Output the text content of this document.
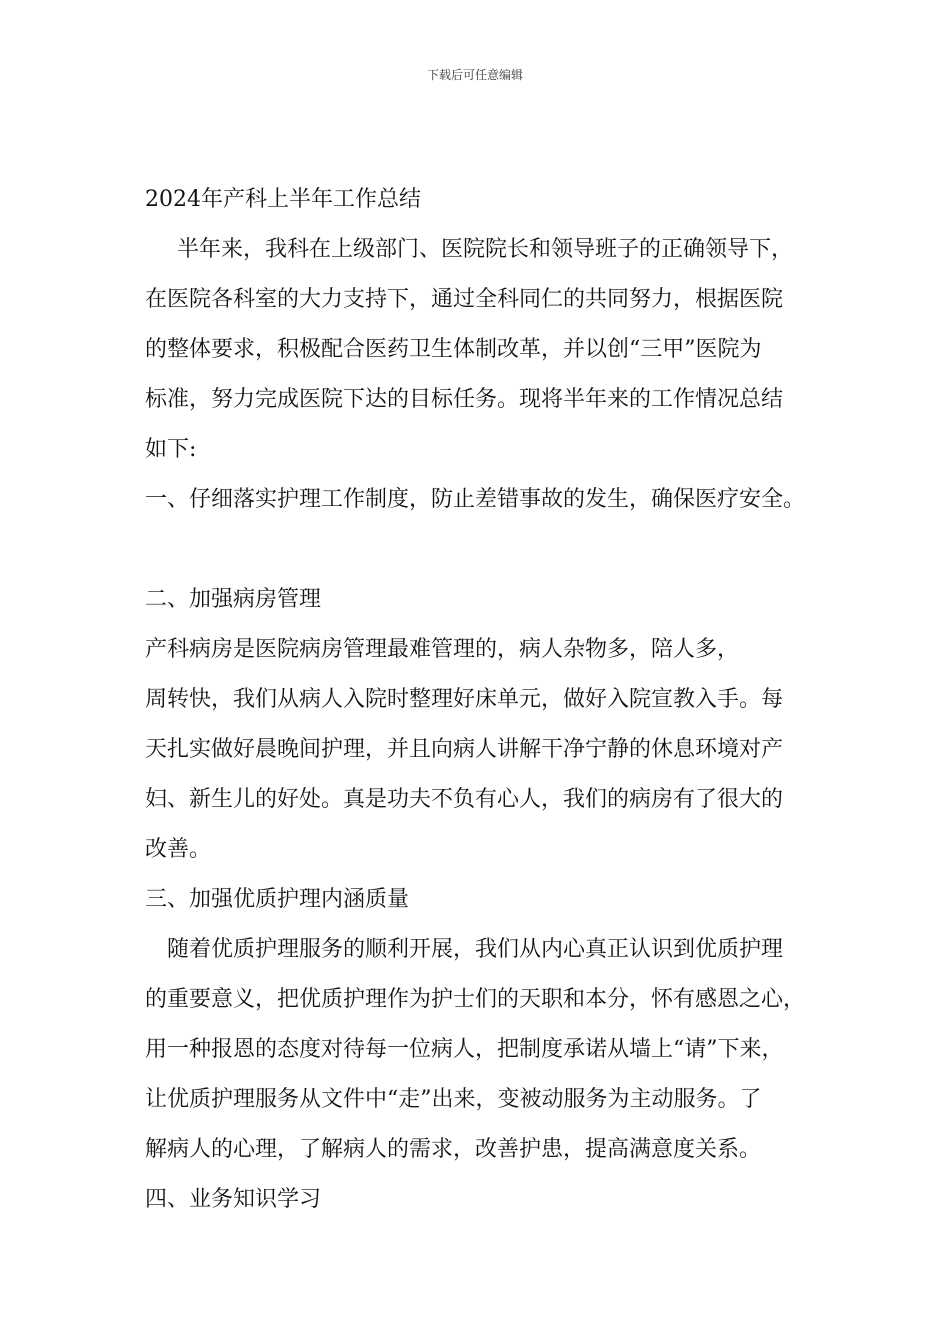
下载后可任意编辑
2024年产科上半年工作总结
半年来，我科在上级部门、医院院长和领导班子的正确领导下，
在医院各科室的大力支持下，通过全科同仁的共同努力，根据医院
的整体要求，积极配合医药卫生体制改革，并以创“三甲”医院为
标准，努力完成医院下达的目标任务。现将半年来的工作情况总结
如下:
一、仔细落实护理工作制度，防止差错事故的发生，确保医疗安全。
二、加强病房管理
产科病房是医院病房管理最难管理的，病人杂物多，陪人多，
周转快，我们从病人入院时整理好床单元，做好入院宣教入手。每
天扎实做好晨晚间护理，并且向病人讲解干净宁静的休息环境对产
妇、新生儿的好处。真是功夫不负有心人，我们的病房有了很大的
改善。
三、加强优质护理内涵质量
随着优质护理服务的顺利开展，我们从内心真正认识到优质护理
的重要意义，把优质护理作为护士们的天职和本分，怀有感恩之心，
用一种报恩的态度对待每一位病人，把制度承诺从墙上“请”下来，
让优质护理服务从文件中“走”出来，变被动服务为主动服务。了
解病人的心理，了解病人的需求，改善护患，提高满意度关系。
四、业务知识学习
